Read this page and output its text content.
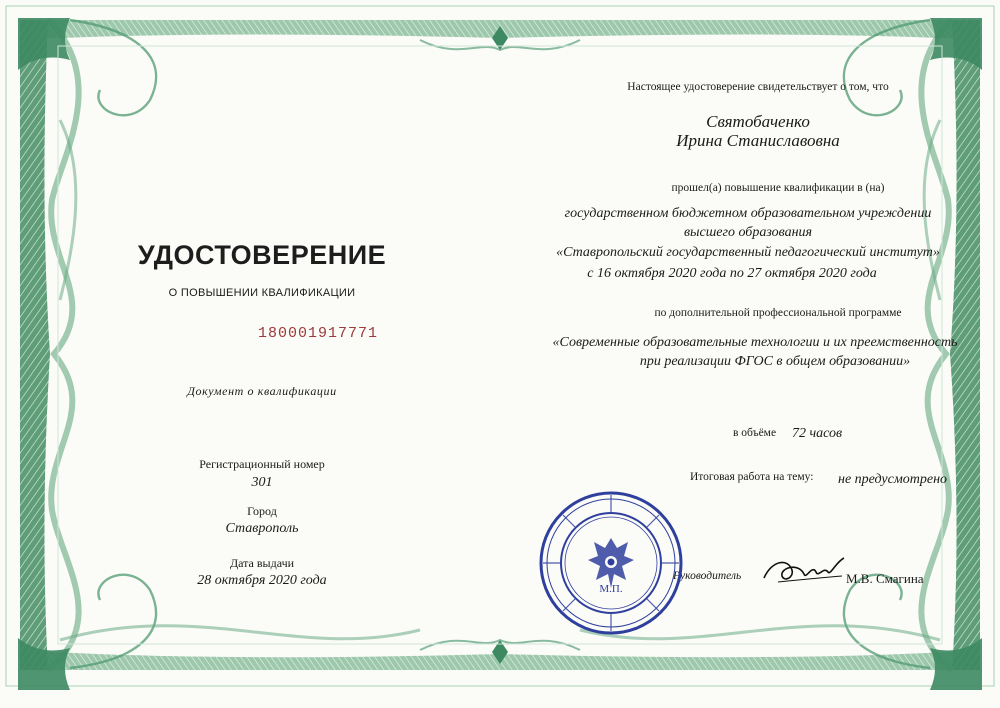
УДОСТОВЕРЕНИЕ
О ПОВЫШЕНИИ КВАЛИФИКАЦИИ
180001917771
Документ о квалификации
Регистрационный номер
301
Город
Ставрополь
Дата выдачи
28 октября 2020 года
Настоящее удостоверение свидетельствует о том, что
Святобаченко
Ирина Станиславовна
прошел(а) повышение квалификации в (на)
государственном бюджетном образовательном учреждении
высшего образования
«Ставропольский государственный педагогический институт»
с 16 октября 2020 года по 27 октября 2020 года
по дополнительной профессиональной программе
«Современные образовательные технологии и их преемственность
при реализации ФГОС в общем образовании»
в объёме 72 часов
Итоговая работа на тему: не предусмотрено
Руководитель	М.В. Смагина
М.П.
